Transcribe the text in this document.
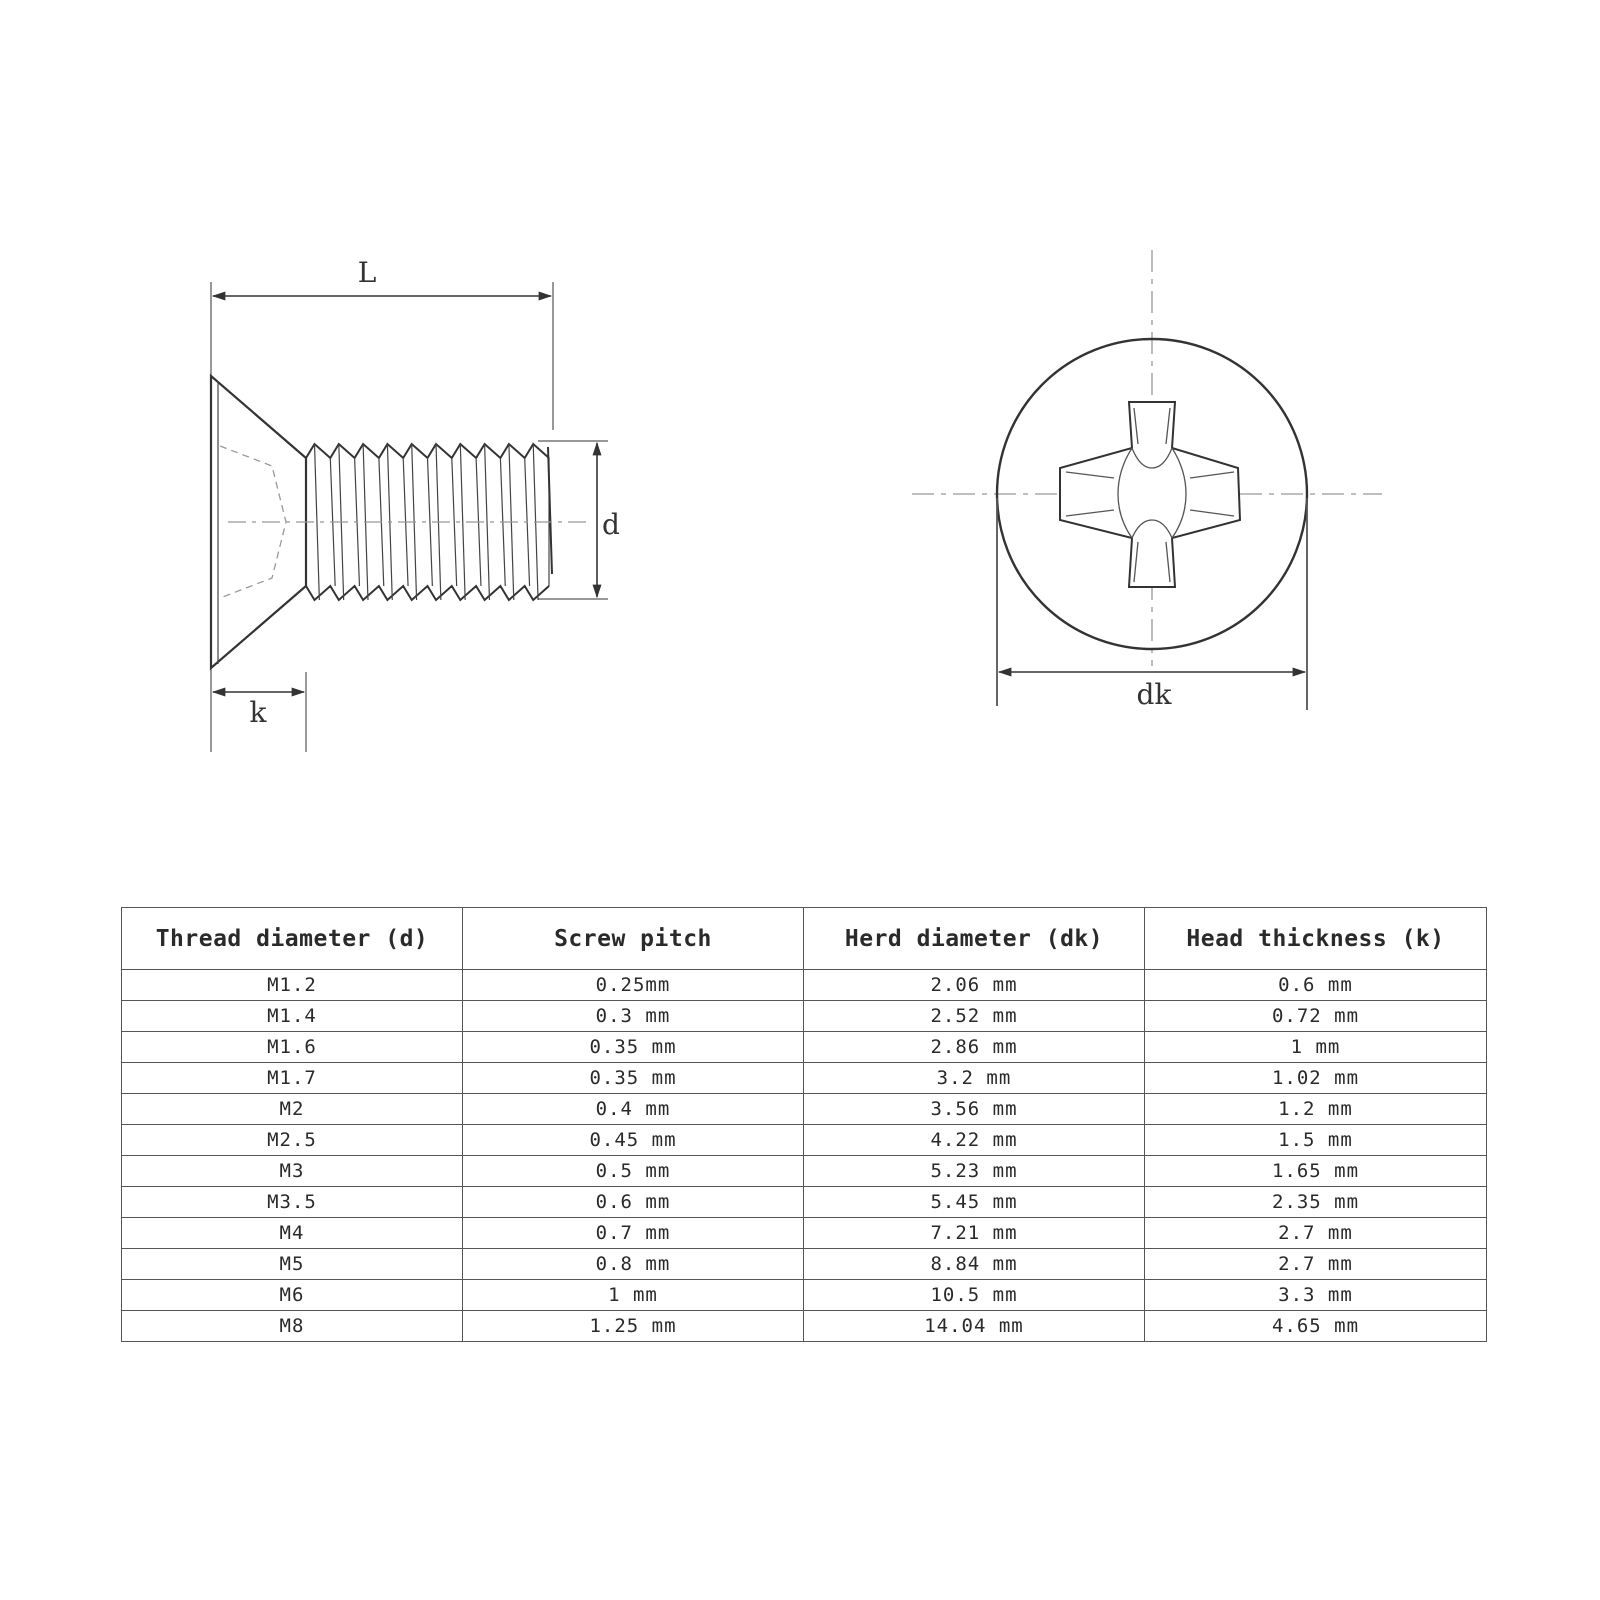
L
d
k
dk
Thread diameter (d)	Screw pitch	Herd diameter (dk)	Head thickness (k)
M1.2	0.25mm	2.06 mm	0.6 mm
M1.4	0.3 mm	2.52 mm	0.72 mm
M1.6	0.35 mm	2.86 mm	1 mm
M1.7	0.35 mm	3.2 mm	1.02 mm
M2	0.4 mm	3.56 mm	1.2 mm
M2.5	0.45 mm	4.22 mm	1.5 mm
M3	0.5 mm	5.23 mm	1.65 mm
M3.5	0.6 mm	5.45 mm	2.35 mm
M4	0.7 mm	7.21 mm	2.7 mm
M5	0.8 mm	8.84 mm	2.7 mm
M6	1 mm	10.5 mm	3.3 mm
M8	1.25 mm	14.04 mm	4.65 mm
